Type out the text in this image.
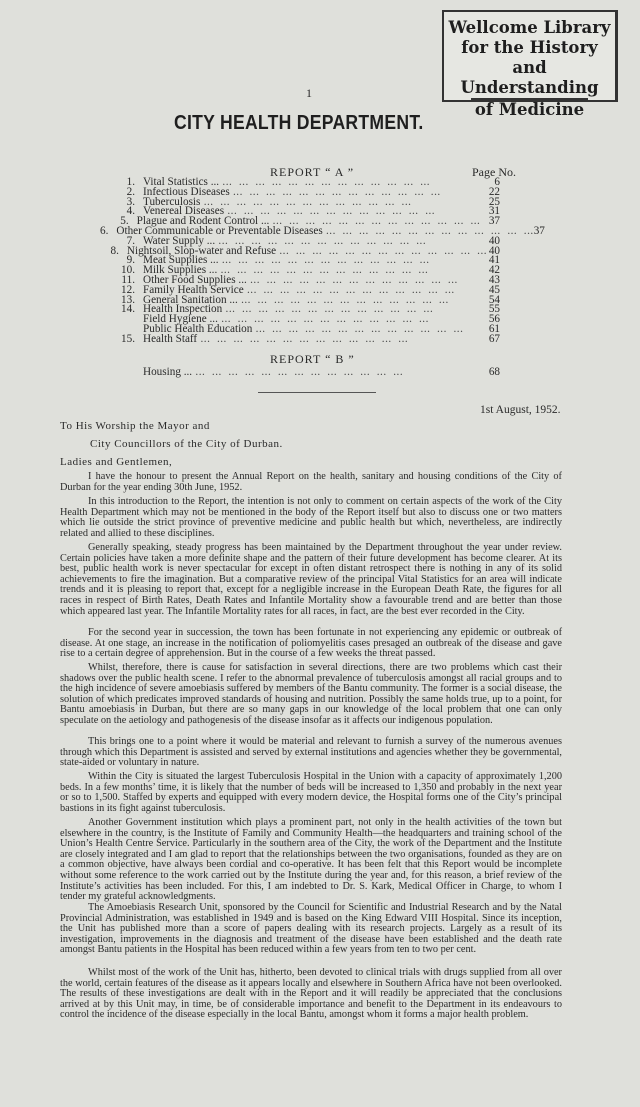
Wellcome Library
for the History
and Understanding
of Medicine
1
CITY HEALTH DEPARTMENT.
REPORT “ A ”	Page No.
1. Vital Statistics ... ...  ...  ...  ...  ...  ...  ...  ...  ...  ...  ...  ...  ...	6
2. Infectious Diseases ...  ...  ...  ...  ...  ...  ...  ...  ...  ...  ...  ...  ...	22
3. Tuberculosis ...  ...  ...  ...  ...  ...  ...  ...  ...  ...  ...  ...  ...	25
4. Venereal Diseases ...  ...  ...  ...  ...  ...  ...  ...  ...  ...  ...  ...  ...	31
5. Plague and Rodent Control ... ...  ...  ...  ...  ...  ...  ...  ...  ...  ...  ...  ...  ... 37
6. Other Communicable or Preventable Diseases ...  ...  ...  ...  ...  ...  ...  ...  ...  ...  ...  ...  ... 37
7. Water Supply ... ...  ...  ...  ...  ...  ...  ...  ...  ...  ...  ...  ...  ...	40
8. Nightsoil, Slop-water and Refuse ...  ...  ...  ...  ...  ...  ...  ...  ...  ...  ...  ...  ... 40
9. Meat Supplies ... ...  ...  ...  ...  ...  ...  ...  ...  ...  ...  ...  ...  ...	41
10. Milk Supplies ... ...  ...  ...  ...  ...  ...  ...  ...  ...  ...  ...  ...  ...	42
11. Other Food Supplies ... ...  ...  ...  ...  ...  ...  ...  ...  ...  ...  ...  ...  ...	43
12. Family Health Service ...  ...  ...  ...  ...  ...  ...  ...  ...  ...  ...  ...  ...	45
13. General Sanitation ... ...  ...  ...  ...  ...  ...  ...  ...  ...  ...  ...  ...  ...	54
14. Health Inspection ...  ...  ...  ...  ...  ...  ...  ...  ...  ...  ...  ...  ...	55
Field Hygiene ... ...  ...  ...  ...  ...  ...  ...  ...  ...  ...  ...  ...  ...	56
Public Health Education ...  ...  ...  ...  ...  ...  ...  ...  ...  ...  ...  ...  ...	61
15. Health Staff ...  ...  ...  ...  ...  ...  ...  ...  ...  ...  ...  ...  ...	67
REPORT “ B ”
Housing ... ...  ...  ...  ...  ...  ...  ...  ...  ...  ...  ...  ...  ...	68
1st August, 1952.
To His Worship the Mayor and
City Councillors of the City of Durban.
Ladies and Gentlemen,
I have the honour to present the Annual Report on the health, sanitary and housing conditions of the City of Durban for the year ending 30th June, 1952.
In this introduction to the Report, the intention is not only to comment on certain aspects of the work of the City Health Department which may not be mentioned in the body of the Report itself but also to discuss one or two matters which lie outside the strict province of preventive medicine and public health but which, nevertheless, are indirectly related and allied to these disciplines.
Generally speaking, steady progress has been maintained by the Department throughout the year under review. Certain policies have taken a more definite shape and the pattern of their future development has become clearer. At its best, public health work is never spectacular for except in often distant retrospect there is nothing in any of its solid achievements to fire the imagination. But a comparative review of the principal Vital Statistics for an area will indicate trends and it is pleasing to report that, except for a negligible increase in the European Death Rate, the figures for all races in respect of Birth Rates, Death Rates and Infantile Mortality show a favourable trend and are better than those which appeared last year. The Infantile Mortality rates for all races, in fact, are the best ever recorded in the City.
For the second year in succession, the town has been fortunate in not experiencing any epidemic or outbreak of disease. At one stage, an increase in the notification of poliomyelitis cases presaged an outbreak of the disease and gave rise to a certain degree of apprehension. But in the course of a few weeks the threat passed.
Whilst, therefore, there is cause for satisfaction in several directions, there are two problems which cast their shadows over the public health scene. I refer to the abnormal prevalence of tuberculosis amongst all racial groups and to the high incidence of severe amoebiasis suffered by members of the Bantu community. The former is a social disease, the solution of which predicates improved standards of housing and nutrition. Possibly the same holds true, up to a point, for Bantu amoebiasis in Durban, but there are so many gaps in our knowledge of the local problem that one can only speculate on the aetiology and pathogenesis of the disease insofar as it affects our indigenous population.
This brings one to a point where it would be material and relevant to furnish a survey of the numerous avenues through which this Department is assisted and served by external institutions and agencies whether they be governmental, state-aided or voluntary in nature.
Within the City is situated the largest Tuberculosis Hospital in the Union with a capacity of approximately 1,200 beds. In a few months’ time, it is likely that the number of beds will be increased to 1,350 and probably in the next year or so to 1,500. Staffed by experts and equipped with every modern device, the Hospital forms one of the City’s principal bastions in its fight against tuberculosis.
Another Government institution which plays a prominent part, not only in the health activities of the town but elsewhere in the country, is the Institute of Family and Community Health—the headquarters and training school of the Union’s Health Centre Service. Particularly in the southern area of the City, the work of the Department and the Institute are closely integrated and I am glad to report that the relationships between the two organisations, founded as they are on a common objective, have always been cordial and co-operative. It has been felt that this Report would be incomplete without some reference to the work carried out by the Institute during the year and, for this reason, a brief review of the Institute’s activities has been included. For this, I am indebted to Dr. S. Kark, Medical Officer in Charge, to whom I tender my grateful acknowledgments.
The Amoebiasis Research Unit, sponsored by the Council for Scientific and Industrial Research and by the Natal Provincial Administration, was established in 1949 and is based on the King Edward VIII Hospital. Since its inception, the Unit has published more than a score of papers dealing with its research projects. Largely as a result of its investigation, improvements in the diagnosis and treatment of the disease have been established and the death rate amongst Bantu patients in the Hospital has been reduced within a few years from ten to two per cent.
Whilst most of the work of the Unit has, hitherto, been devoted to clinical trials with drugs supplied from all over the world, certain features of the disease as it appears locally and elsewhere in Southern Africa have not been overlooked. The results of these investigations are dealt with in the Report and it will readily be appreciated that the conclusions arrived at by this Unit may, in time, be of considerable importance and benefit to the Department in its endeavours to control the incidence of the disease especially in the local Bantu, amongst whom it forms a major health problem.
